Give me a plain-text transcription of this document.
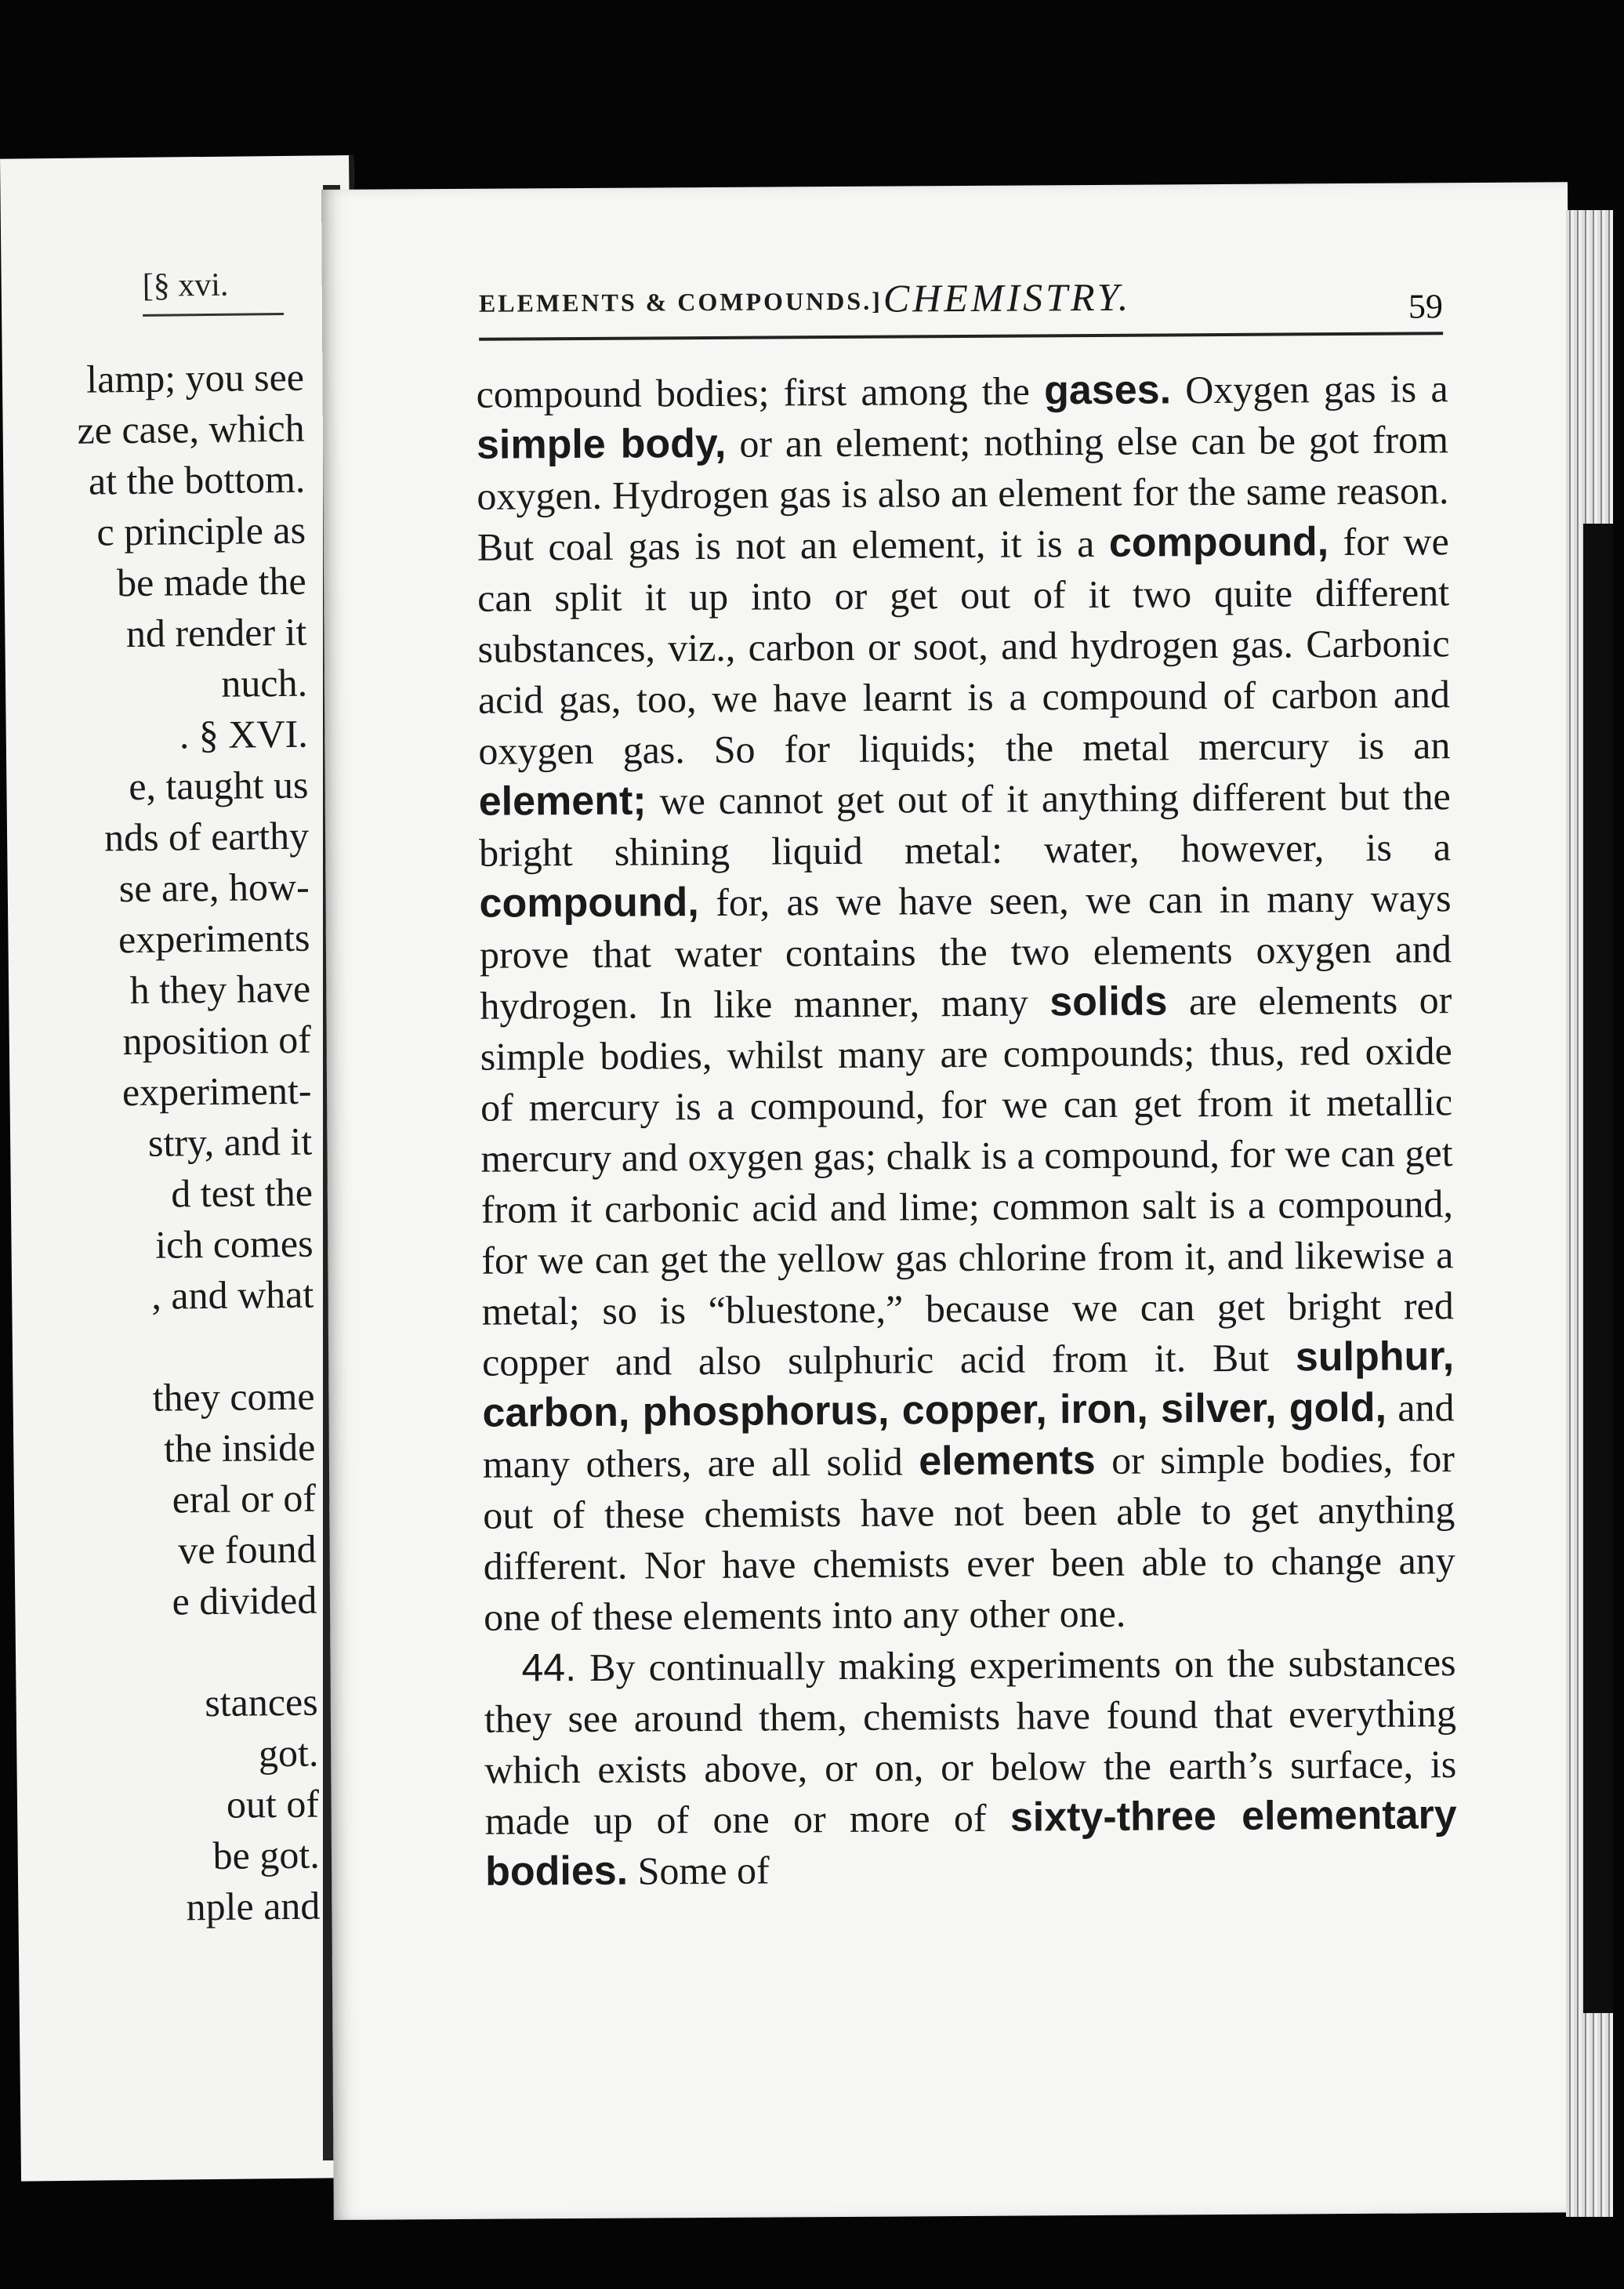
[§ xvi.
lamp; you see
ze case, which
at the bottom.
c principle as
be made the
nd render it
nuch.
. § XVI.
e, taught us
nds of earthy
se are, how-
experiments
h they have
nposition of
experiment-
stry, and it
d test the
ich comes
, and what
they come
the inside
eral or of
ve found
e divided
stances
got.
out of
be got.
nple and
ELEMENTS & COMPOUNDS.] CHEMISTRY.	59

compound bodies; first among the gases. Oxygen gas is a simple body, or an element; nothing else can be got from oxygen. Hydrogen gas is also an element for the same reason. But coal gas is not an element, it is a compound, for we can split it up into or get out of it two quite different substances, viz., carbon or soot, and hydrogen gas. Carbonic acid gas, too, we have learnt is a compound of carbon and oxygen gas. So for liquids; the metal mercury is an element; we cannot get out of it anything different but the bright shining liquid metal: water, however, is a compound, for, as we have seen, we can in many ways prove that water contains the two elements oxygen and hydrogen. In like manner, many solids are elements or simple bodies, whilst many are compounds; thus, red oxide of mercury is a compound, for we can get from it metallic mercury and oxygen gas; chalk is a compound, for we can get from it carbonic acid and lime; common salt is a compound, for we can get the yellow gas chlorine from it, and likewise a metal; so is “bluestone,” because we can get bright red copper and also sulphuric acid from it. But sulphur, carbon, phosphorus, copper, iron, silver, gold, and many others, are all solid elements or simple bodies, for out of these chemists have not been able to get anything different. Nor have chemists ever been able to change any one of these elements into any other one.

44. By continually making experiments on the substances they see around them, chemists have found that everything which exists above, or on, or below the earth’s surface, is made up of one or more of sixty-three elementary bodies. Some of
